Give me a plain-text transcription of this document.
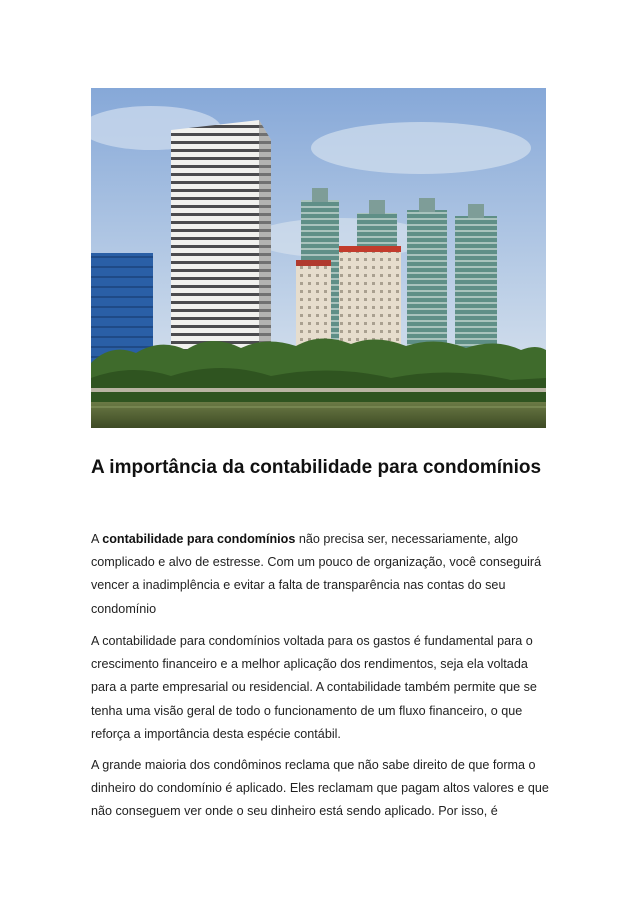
A importância da contabilidade para condomínios

A contabilidade para condomínios não precisa ser, necessariamente, algo complicado e alvo de estresse. Com um pouco de organização, você conseguirá vencer a inadimplência e evitar a falta de transparência nas contas do seu condomínio

A contabilidade para condomínios voltada para os gastos é fundamental para o crescimento financeiro e a melhor aplicação dos rendimentos, seja ela voltada para a parte empresarial ou residencial. A contabilidade também permite que se tenha uma visão geral de todo o funcionamento de um fluxo financeiro, o que reforça a importância desta espécie contábil.

A grande maioria dos condôminos reclama que não sabe direito de que forma o dinheiro do condomínio é aplicado. Eles reclamam que pagam altos valores e que não conseguem ver onde o seu dinheiro está sendo aplicado. Por isso, é
